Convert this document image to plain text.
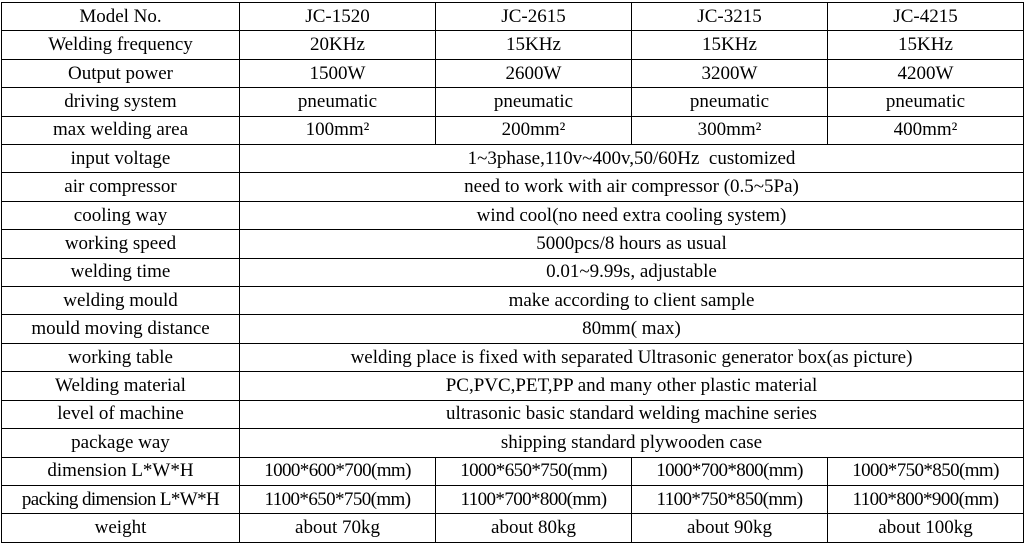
Model No.	JC-1520	JC-2615	JC-3215	JC-4215
Welding frequency	20KHz	15KHz	15KHz	15KHz
Output power	1500W	2600W	3200W	4200W
driving system	pneumatic	pneumatic	pneumatic	pneumatic
max welding area	100mm²	200mm²	300mm²	400mm²
input voltage	1~3phase,110v~400v,50/60Hz  customized			
air compressor	need to work with air compressor (0.5~5Pa)			
cooling way	wind cool(no need extra cooling system)			
working speed	5000pcs/8 hours as usual			
welding time	0.01~9.99s, adjustable			
welding mould	make according to client sample			
mould moving distance	80mm( max)			
working table	welding place is fixed with separated Ultrasonic generator box(as picture)			
Welding material	PC,PVC,PET,PP and many other plastic material			
level of machine	ultrasonic basic standard welding machine series			
package way	shipping standard plywooden case			
dimension L*W*H	1000*600*700(mm)	1000*650*750(mm)	1000*700*800(mm)	1000*750*850(mm)
packing dimension L*W*H	1100*650*750(mm)	1100*700*800(mm)	1100*750*850(mm)	1100*800*900(mm)
weight	about 70kg	about 80kg	about 90kg	about 100kg
